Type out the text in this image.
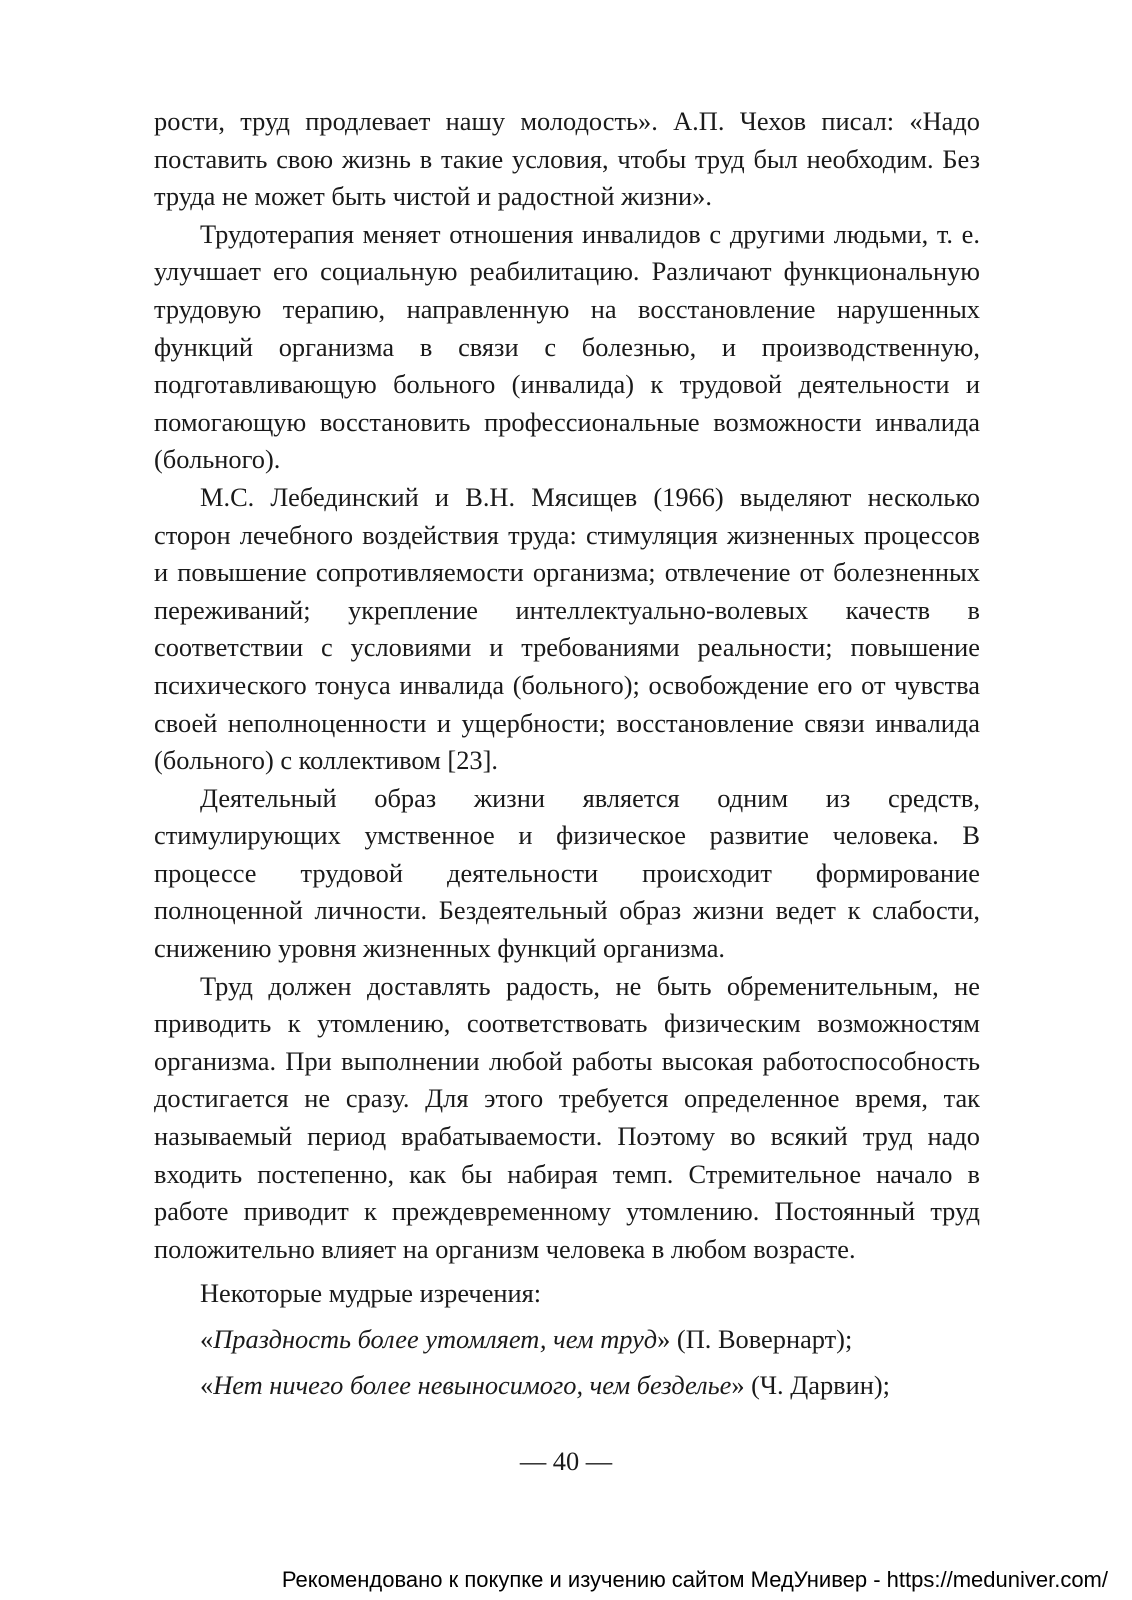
рости, труд продлевает нашу молодость». А.П. Чехов писал: «Надо поставить свою жизнь в такие условия, чтобы труд был необходим. Без труда не может быть чистой и радостной жизни».

Трудотерапия меняет отношения инвалидов с другими людьми, т. е. улучшает его социальную реабилитацию. Различают функциональную трудовую терапию, направленную на восстановление нарушенных функций организма в связи с болезнью, и производственную, подготавливающую больного (инвалида) к трудовой деятельности и помогающую восстановить профессиональные возможности инвалида (больного).

М.С. Лебединский и В.Н. Мясищев (1966) выделяют несколько сторон лечебного воздействия труда: стимуляция жизненных процессов и повышение сопротивляемости организма; отвлечение от болезненных переживаний; укрепление интеллектуально-волевых качеств в соответствии с условиями и требованиями реальности; повышение психического тонуса инвалида (больного); освобождение его от чувства своей неполноценности и ущербности; восстановление связи инвалида (больного) с коллективом [23].

Деятельный образ жизни является одним из средств, стимулирующих умственное и физическое развитие человека. В процессе трудовой деятельности происходит формирование полноценной личности. Бездеятельный образ жизни ведет к слабости, снижению уровня жизненных функций организма.

Труд должен доставлять радость, не быть обременительным, не приводить к утомлению, соответствовать физическим возможностям организма. При выполнении любой работы высокая работоспособность достигается не сразу. Для этого требуется определенное время, так называемый период врабатываемости. Поэтому во всякий труд надо входить постепенно, как бы набирая темп. Стремительное начало в работе приводит к преждевременному утомлению. Постоянный труд положительно влияет на организм человека в любом возрасте.

Некоторые мудрые изречения:

«Праздность более утомляет, чем труд» (П. Вовернарт);

«Нет ничего более невыносимого, чем безделье» (Ч. Дарвин);

— 40 —
Рекомендовано к покупке и изучению сайтом МедУнивер - https://meduniver.com/
